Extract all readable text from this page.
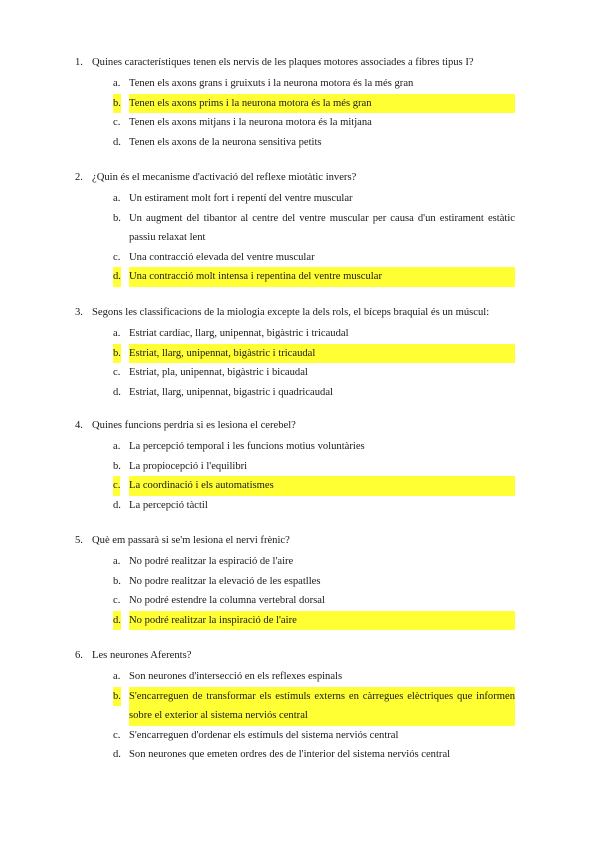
1. Quines característiques tenen els nervis de les plaques motores associades a fibres tipus I?
a. Tenen els axons grans i gruixuts i la neurona motora és la més gran
b. Tenen els axons prims i la neurona motora és la més gran
c. Tenen els axons mitjans i la neurona motora és la mitjana
d. Tenen els axons de la neurona sensitiva petits
2. ¿Quin és el mecanisme d'activació del reflexe miotàtic invers?
a. Un estirament molt fort i repentí del ventre muscular
b. Un augment del tibantor al centre del ventre muscular per causa d'un estirament estàtic passiu relaxat lent
c. Una contracció elevada del ventre muscular
d. Una contracció molt intensa i repentina del ventre muscular
3. Segons les classificacions de la miologia excepte la dels rols, el bíceps braquial és un múscul:
a. Estriat cardíac, llarg, unipennat, bigàstric i tricaudal
b. Estriat, llarg, unipennat, bigàstric i tricaudal
c. Estriat, pla, unipennat, bigàstric i bicaudal
d. Estriat, llarg, unipennat, bigastric i quadricaudal
4. Quines funcions perdria si es lesiona el cerebel?
a. La percepció temporal i les funcions motius voluntàries
b. La propiocepció i l'equilibri
c. La coordinació i els automatismes
d. La percepció tàctil
5. Què em passarà si se'm lesiona el nervi frènic?
a. No podré realitzar la espiració de l'aire
b. No podre realitzar la elevació de les espatlles
c. No podré estendre la columna vertebral dorsal
d. No podré realitzar la inspiració de l'aire
6. Les neurones Aferents?
a. Son neurones d'intersecció en els reflexes espinals
b. S'encarreguen de transformar els estímuls externs en càrregues elèctriques que informen sobre el exterior al sistema nerviós central
c. S'encarreguen d'ordenar els estímuls del sistema nerviós central
d. Son neurones que emeten ordres des de l'interior del sistema nerviós central
